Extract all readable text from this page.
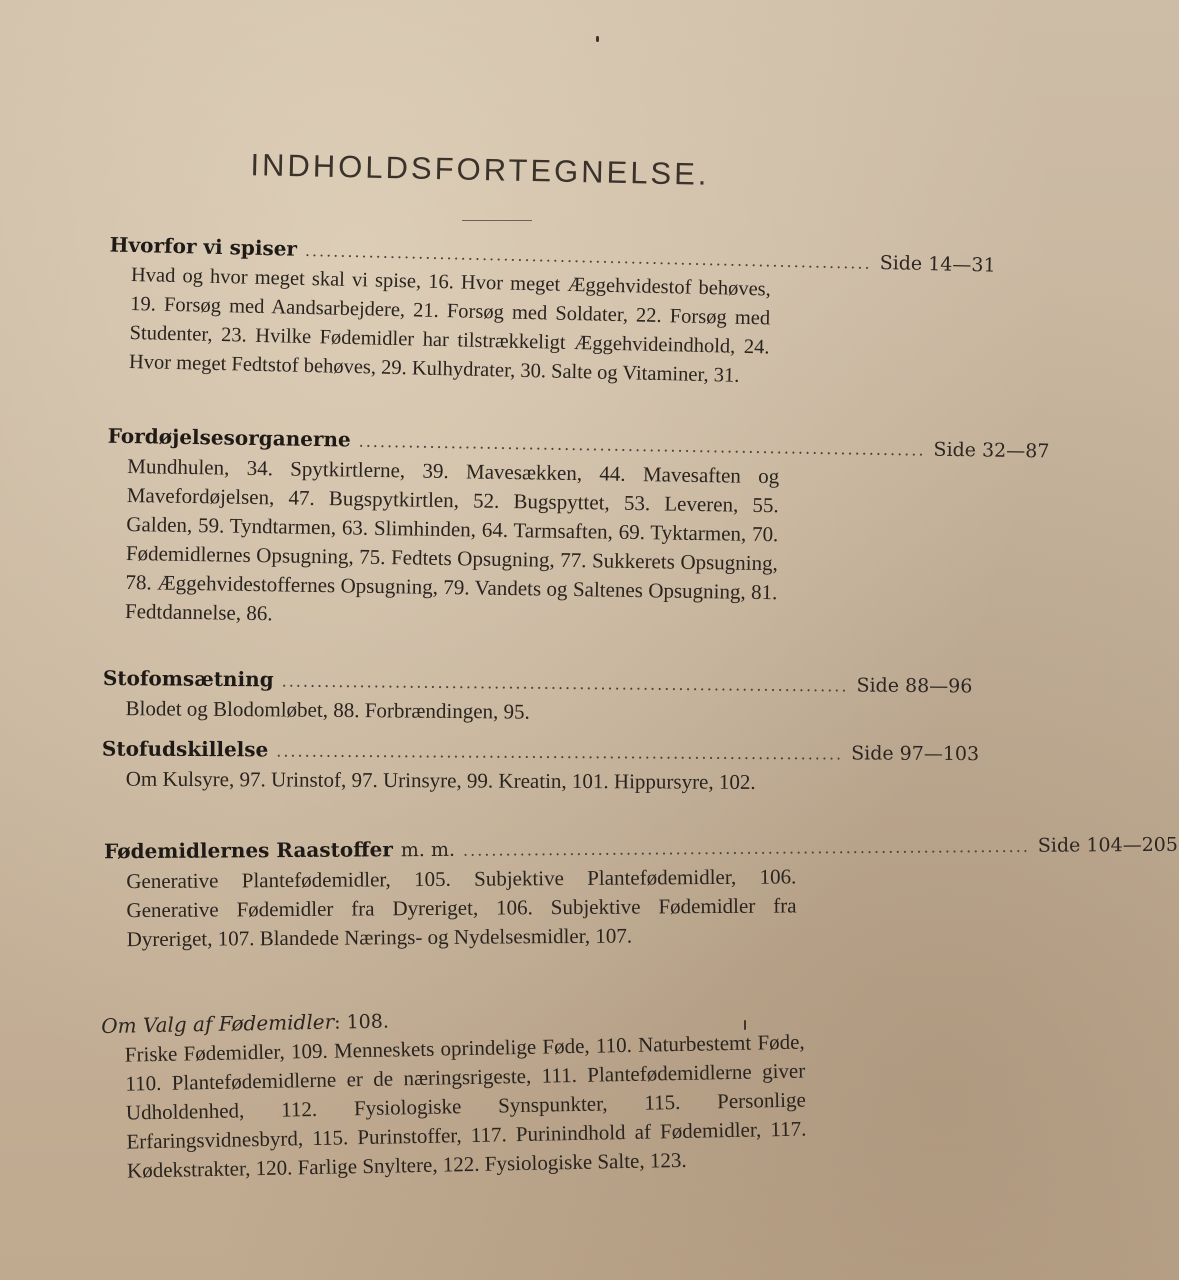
INDHOLDSFORTEGNELSE.
Hvorfor vi spiser ................................................................................ Side 14—31
Hvad og hvor meget skal vi spise, 16. Hvor meget Æggehvidestof behøves, 19. Forsøg med Aandsarbejdere, 21. Forsøg med Soldater, 22. Forsøg med Studenter, 23. Hvilke Fødemidler har tilstrækkeligt Æggehvideindhold, 24. Hvor meget Fedtstof behøves, 29. Kulhydrater, 30. Salte og Vitaminer, 31.
Fordøjelsesorganerne ................................................................................ Side 32—87
Mundhulen, 34. Spytkirtlerne, 39. Mavesækken, 44. Mavesaften og Mavefordøjelsen, 47. Bugspytkirtlen, 52. Bugspyttet, 53. Leveren, 55. Galden, 59. Tyndtarmen, 63. Slimhinden, 64. Tarmsaften, 69. Tyktarmen, 70. Fødemidlernes Opsugning, 75. Fedtets Opsugning, 77. Sukkerets Opsugning, 78. Æggehvidestoffernes Opsugning, 79. Vandets og Saltenes Opsugning, 81. Fedtdannelse, 86.
Stofomsætning ................................................................................ Side 88—96
Blodet og Blodomløbet, 88. Forbrændingen, 95.
Stofudskillelse ................................................................................ Side 97—103
Om Kulsyre, 97. Urinstof, 97. Urinsyre, 99. Kreatin, 101. Hippursyre, 102.
Fødemidlernes Raastoffer m. m. ................................................................................ Side 104—205
Generative Plantefødemidler, 105. Subjektive Plantefødemidler, 106. Generative Fødemidler fra Dyreriget, 106. Subjektive Fødemidler fra Dyreriget, 107. Blandede Nærings- og Nydelsesmidler, 107.
Om Valg af Fødemidler : 108.
Friske Fødemidler, 109. Menneskets oprindelige Føde, 110. Naturbestemt Føde, 110. Plantefødemidlerne er de næringsrigeste, 111. Plantefødemidlerne giver Udholdenhed, 112. Fysiologiske Synspunkter, 115. Personlige Erfaringsvidnesbyrd, 115. Purinstoffer, 117. Purinindhold af Fødemidler, 117. Kødekstrakter, 120. Farlige Snyltere, 122. Fysiologiske Salte, 123.
